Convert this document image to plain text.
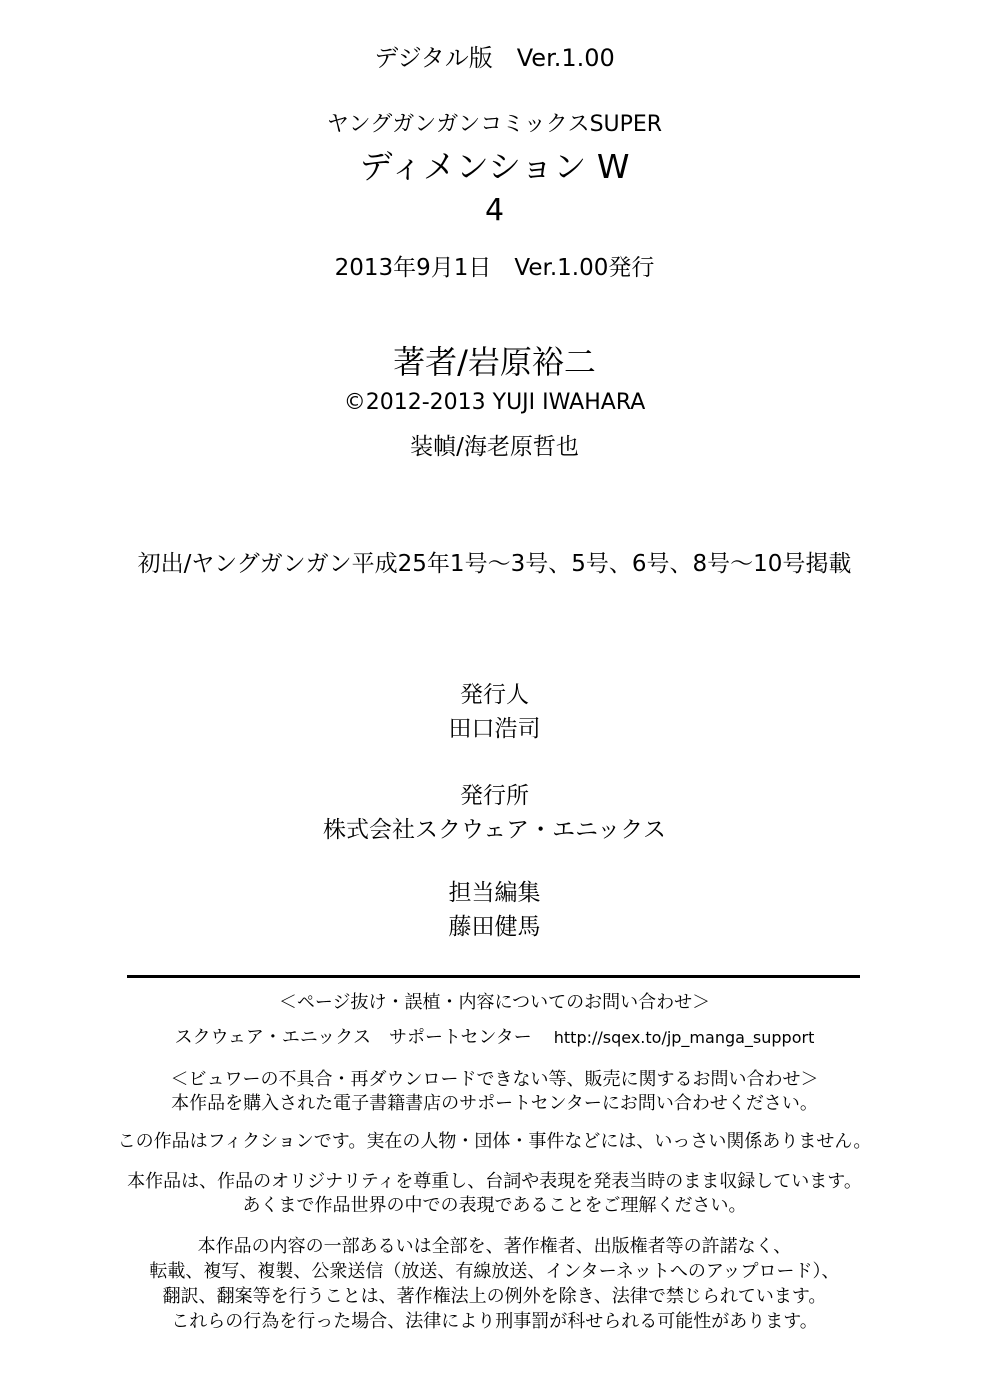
デジタル版　Ver.1.00
ヤングガンガンコミックスSUPER
ディメンション W
4
2013年9月1日　Ver.1.00発行
著者/岩原裕二
©2012-2013 YUJI IWAHARA
装幀/海老原哲也
初出/ヤングガンガン平成25年1号～3号、5号、6号、8号～10号掲載
発行人
田口浩司
発行所
株式会社スクウェア・エニックス
担当編集
藤田健馬
＜ページ抜け・誤植・内容についてのお問い合わせ＞
スクウェア・エニックス　サポートセンター http://sqex.to/jp_manga_support
＜ビュワーの不具合・再ダウンロードできない等、販売に関するお問い合わせ＞
本作品を購入された電子書籍書店のサポートセンターにお問い合わせください。
この作品はフィクションです。実在の人物・団体・事件などには、いっさい関係ありません。
本作品は、作品のオリジナリティを尊重し、台詞や表現を発表当時のまま収録しています。
あくまで作品世界の中での表現であることをご理解ください。
本作品の内容の一部あるいは全部を、著作権者、出版権者等の許諾なく、
転載、複写、複製、公衆送信（放送、有線放送、インターネットへのアップロード）、
翻訳、翻案等を行うことは、著作権法上の例外を除き、法律で禁じられています。
これらの行為を行った場合、法律により刑事罰が科せられる可能性があります。
